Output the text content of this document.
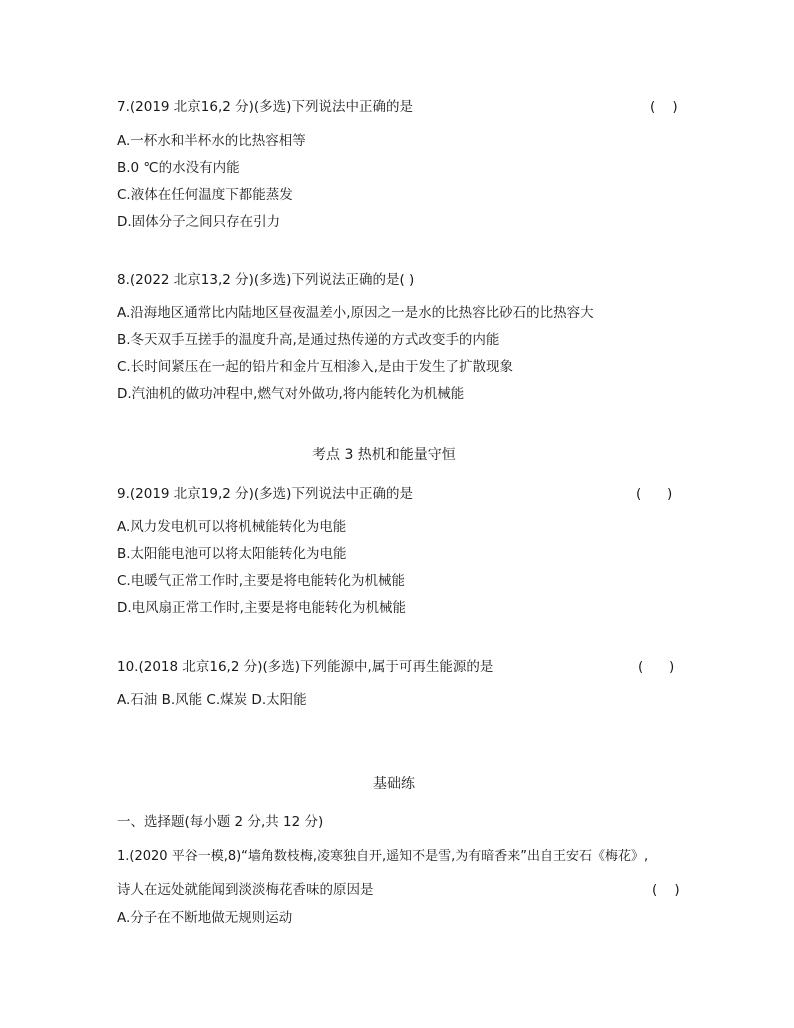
7.(2019 北京16,2 分)(多选)下列说法中正确的是	(    )
A.一杯水和半杯水的比热容相等
B.0 ℃的水没有内能
C.液体在任何温度下都能蒸发
D.固体分子之间只存在引力
8.(2022 北京13,2 分)(多选)下列说法正确的是( )
A.沿海地区通常比内陆地区昼夜温差小,原因之一是水的比热容比砂石的比热容大
B.冬天双手互搓手的温度升高,是通过热传递的方式改变手的内能
C.长时间紧压在一起的铅片和金片互相渗入,是由于发生了扩散现象
D.汽油机的做功冲程中,燃气对外做功,将内能转化为机械能
考点 3 热机和能量守恒
9.(2019 北京19,2 分)(多选)下列说法中正确的是	(      )
A.风力发电机可以将机械能转化为电能
B.太阳能电池可以将太阳能转化为电能
C.电暖气正常工作时,主要是将电能转化为机械能
D.电风扇正常工作时,主要是将电能转化为机械能
10.(2018 北京16,2 分)(多选)下列能源中,属于可再生能源的是	(      )
A.石油 B.风能 C.煤炭 D.太阳能
基础练
一、选择题(每小题 2 分,共 12 分)
1.(2020 平谷一模,8)“墙角数枝梅,凌寒独自开,遥知不是雪,为有暗香来”出自王安石《梅花》,
诗人在远处就能闻到淡淡梅花香味的原因是	(    )
A.分子在不断地做无规则运动
